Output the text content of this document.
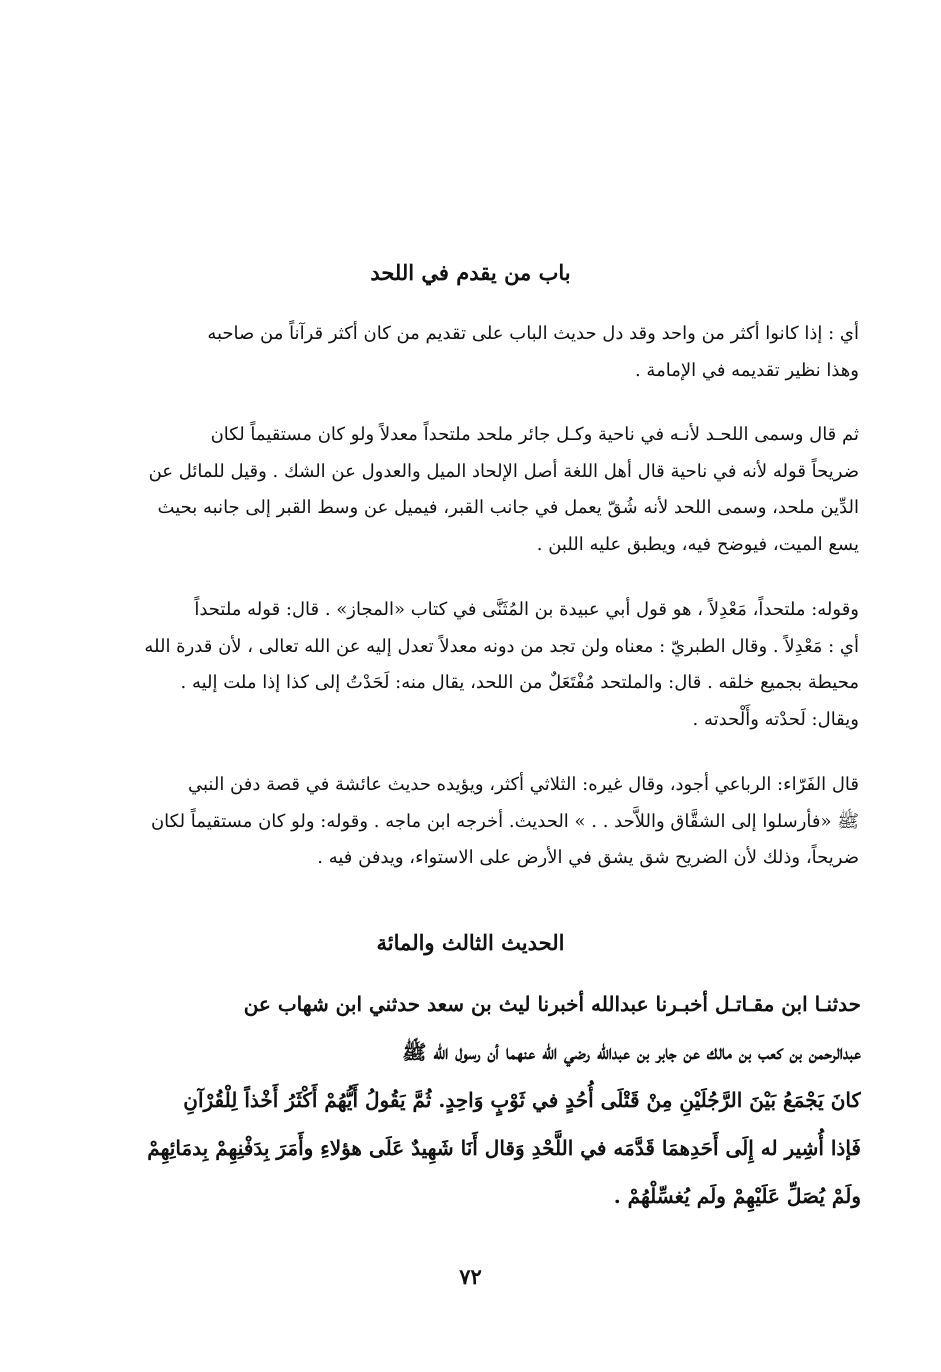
باب من يقدم في اللحد
أي : إذا كانوا أكثر من واحد وقد دل حديث الباب على تقديم من كان أكثر قرآناً من صاحبه
وهذا نظير تقديمه في الإمامة .
ثم قال وسمى اللحـد لأنـه في ناحية وكـل جائر ملحد ملتحداً معدلاً ولو كان مستقيماً لكان
ضريحاً قوله لأنه في ناحية قال أهل اللغة أصل الإلحاد الميل والعدول عن الشك . وقيل للمائل عن
الدِّين ملحد، وسمى اللحد لأنه شُقّ يعمل في جانب القبر، فيميل عن وسط القبر إلى جانبه بحيث
يسع الميت، فيوضح فيه، ويطبق عليه اللبن .
وقوله: ملتحداً، مَعْدِلاً ، هو قول أبي عبيدة بن المُثَنَّى في كتاب «المجاز» . قال: قوله ملتحداً
أي : مَعْدِلاً . وقال الطبريّ : معناه ولن تجد من دونه معدلاً تعدل إليه عن الله تعالى ، لأن قدرة الله
محيطة بجميع خلقه . قال: والملتحد مُفْتَعَلٌ من اللحد، يقال منه: لَحَدْتُ إلى كذا إذا ملت إليه .
ويقال: لَحدْته وأَلْحدته .
قال الفَرّاء: الرباعي أجود، وقال غيره: الثلاثي أكثر، ويؤيده حديث عائشة في قصة دفن النبي
ﷺ «فأرسلوا إلى الشقَّاق واللاَّحد . . » الحديث. أخرجه ابن ماجه . وقوله: ولو كان مستقيماً لكان
ضريحاً، وذلك لأن الضريح شق يشق في الأرض على الاستواء، ويدفن فيه .
الحديث الثالث والمائة
حدثنـا ابن مقـاتـل أخبـرنا عبدالله أخبرنا ليث بن سعد حدثني ابن شهاب عن
عبدالرحمن بن كعب بن مالك عن جابر بن عبدالله رضي الله عنهما أن رسول الله ﷺ
كانَ يَجْمَعُ بَيْنَ الرَّجُلَيْنِ مِنْ قَتْلَى أُحُدٍ في ثَوْبٍ وَاحِدٍ. ثُمَّ يَقُولُ أَيُّهُمْ أَكْثَرُ أَخْذاً لِلْقُرْآنِ
فَإذا أُشِير له إِلَى أَحَدِهمَا قَدَّمَه في اللَّحْدِ وَقال أَنَا شَهِيدٌ عَلَى هؤلاءِ وأَمَرَ بِدَفْنِهِمْ بِدمَائِهِمْ
ولَمْ يُصَلِّ عَلَيْهِمْ ولَم يُغسِّلْهُمْ .
٧٢
